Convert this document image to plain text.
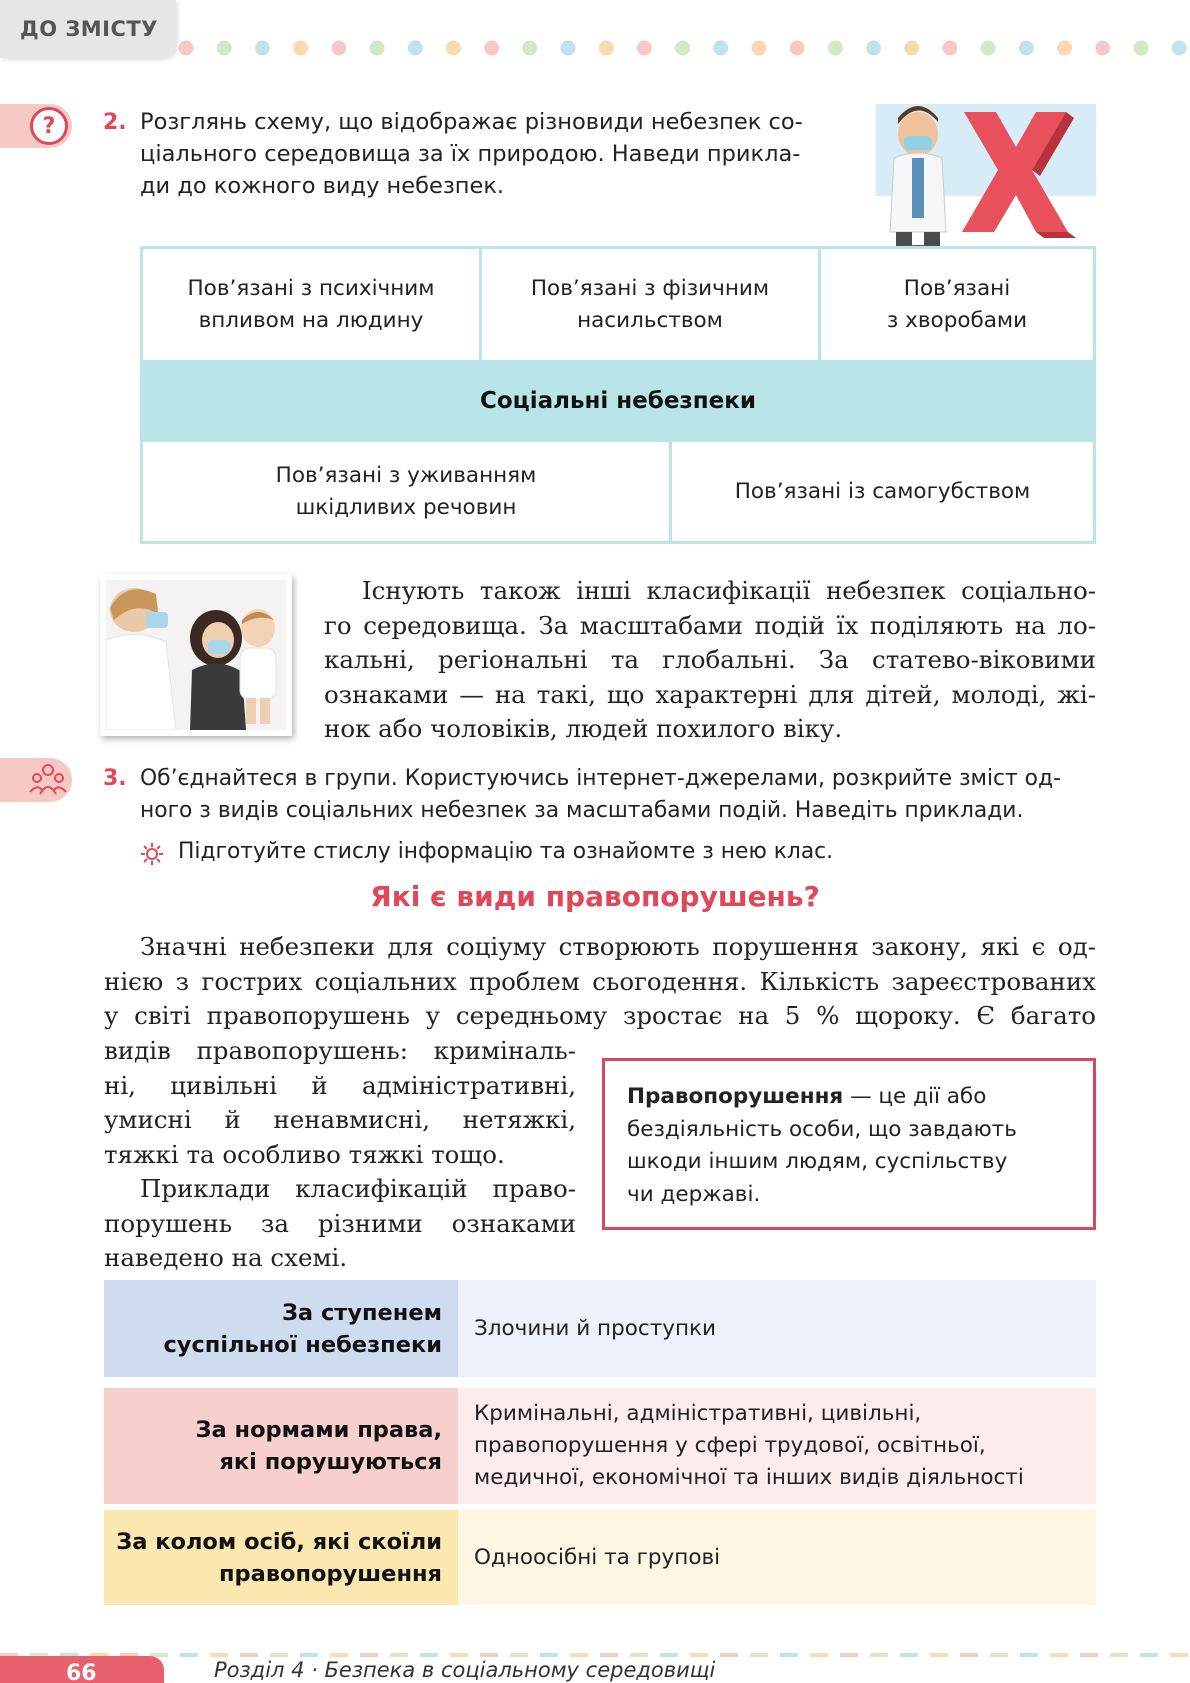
ДО ЗМІСТУ
?	2. Розглянь схему, що відображає різновиди небезпек со-
ціального середовища за їх природою. Наведи прикла-
ди до кожного виду небезпек.
Пов’язані з психічним
впливом на людину
Пов’язані з фізичним
насильством
Пов’язані
з хворобами
Соціальні небезпеки
Пов’язані з уживанням
шкідливих речовин
Пов’язані із самогубством
Існують також інші класифікації небезпек соціально-
го середовища. За масштабами подій їх поділяють на ло-
кальні, регіональні та глобальні. За статево-віковими
ознаками — на такі, що характерні для дітей, молоді, жі-
нок або чоловіків, людей похилого віку.
3. Об’єднайтеся в групи. Користуючись інтернет-джерелами, розкрийте зміст од-
ного з видів соціальних небезпек за масштабами подій. Наведіть приклади.
Підготуйте стислу інформацію та ознайомте з нею клас.
Які є види правопорушень?
Значні небезпеки для соціуму створюють порушення закону, які є од-
нією з гострих соціальних проблем сьогодення. Кількість зареєстрованих
у світі правопорушень у середньому зростає на 5 % щороку. Є багато
видів правопорушень: криміналь-
ні, цивільні й адміністративні,
умисні й ненавмисні, нетяжкі,
тяжкі та особливо тяжкі тощо.
Приклади класифікацій право-
порушень за різними ознаками
наведено на схемі.
Правопорушення — це дії або
бездіяльність особи, що завдають
шкоди іншим людям, суспільству
чи державі.
За ступенем
суспільної небезпеки
Злочини й проступки
За нормами права,
які порушуються
Кримінальні, адміністративні, цивільні,
правопорушення у сфері трудової, освітньої,
медичної, економічної та інших видів діяльності
За колом осіб, які скоїли
правопорушення
Одноосібні та групові
66	Розділ 4 · Безпека в соціальному середовищі
